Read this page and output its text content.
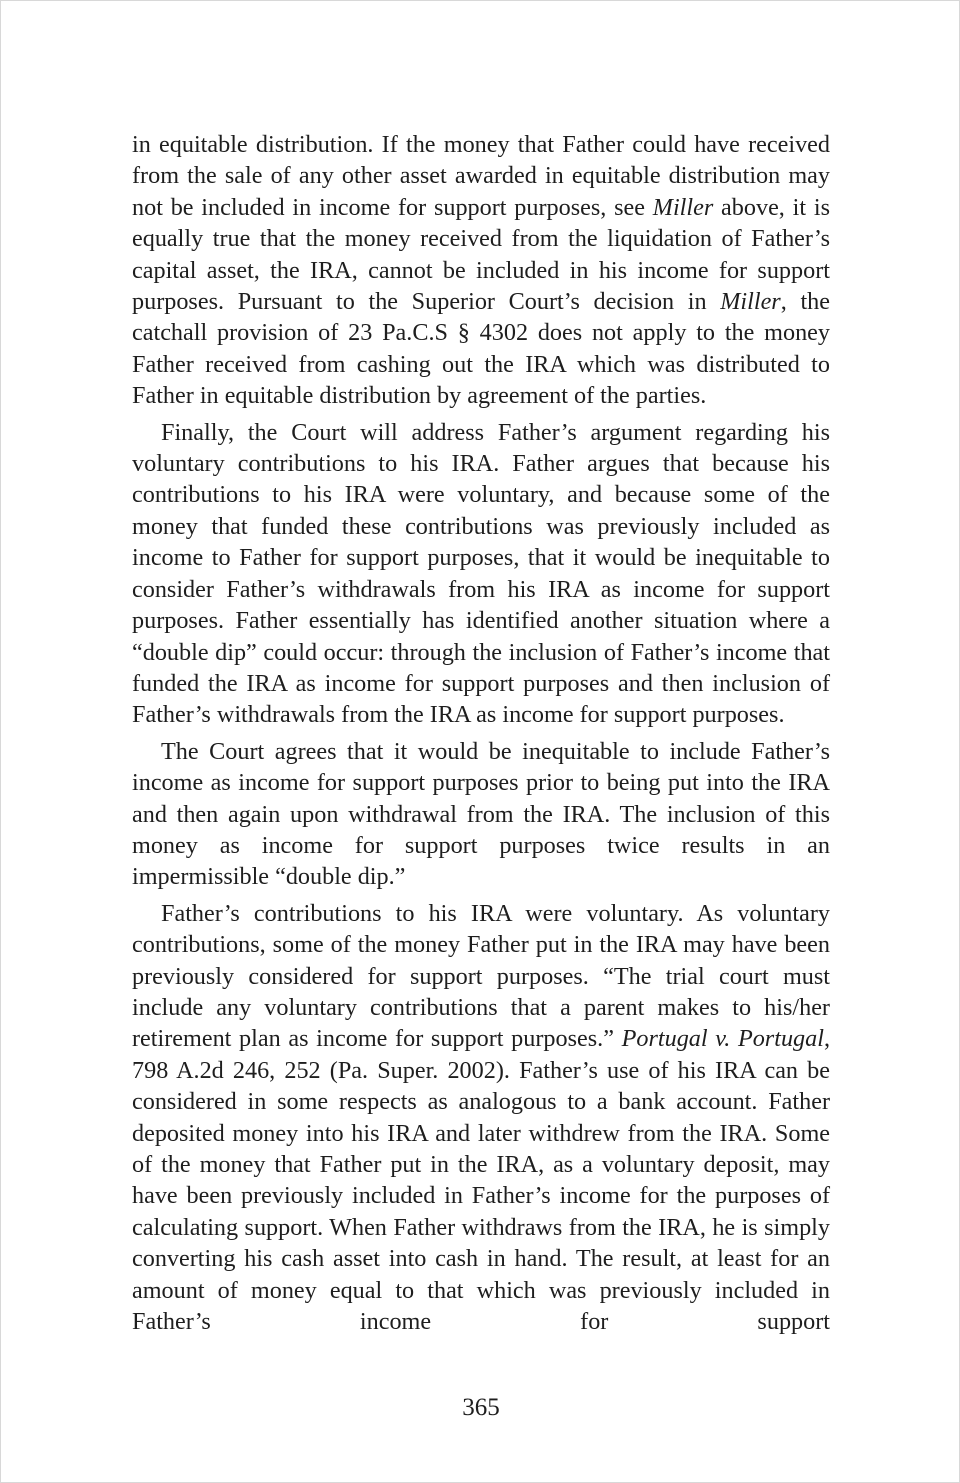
in equitable distribution. If the money that Father could have received from the sale of any other asset awarded in equitable distribution may not be included in income for support purposes, see Miller above, it is equally true that the money received from the liquidation of Father’s capital asset, the IRA, cannot be included in his income for support purposes. Pursuant to the Superior Court’s decision in Miller, the catchall provision of 23 Pa.C.S § 4302 does not apply to the money Father received from cashing out the IRA which was distributed to Father in equitable distribution by agreement of the parties.

Finally, the Court will address Father’s argument regarding his voluntary contributions to his IRA. Father argues that because his contributions to his IRA were voluntary, and because some of the money that funded these contributions was previously included as income to Father for support purposes, that it would be inequitable to consider Father’s withdrawals from his IRA as income for support purposes. Father essentially has identified another situation where a “double dip” could occur: through the inclusion of Father’s income that funded the IRA as income for support purposes and then inclusion of Father’s withdrawals from the IRA as income for support purposes.

The Court agrees that it would be inequitable to include Father’s income as income for support purposes prior to being put into the IRA and then again upon withdrawal from the IRA. The inclusion of this money as income for support purposes twice results in an impermissible “double dip.”

Father’s contributions to his IRA were voluntary. As voluntary contributions, some of the money Father put in the IRA may have been previously considered for support purposes. “The trial court must include any voluntary contributions that a parent makes to his/her retirement plan as income for support purposes.” Portugal v. Portugal, 798 A.2d 246, 252 (Pa. Super. 2002). Father’s use of his IRA can be considered in some respects as analogous to a bank account. Father deposited money into his IRA and later withdrew from the IRA. Some of the money that Father put in the IRA, as a voluntary deposit, may have been previously included in Father’s income for the purposes of calculating support. When Father withdraws from the IRA, he is simply converting his cash asset into cash in hand. The result, at least for an amount of money equal to that which was previously included in Father’s income for support

365
